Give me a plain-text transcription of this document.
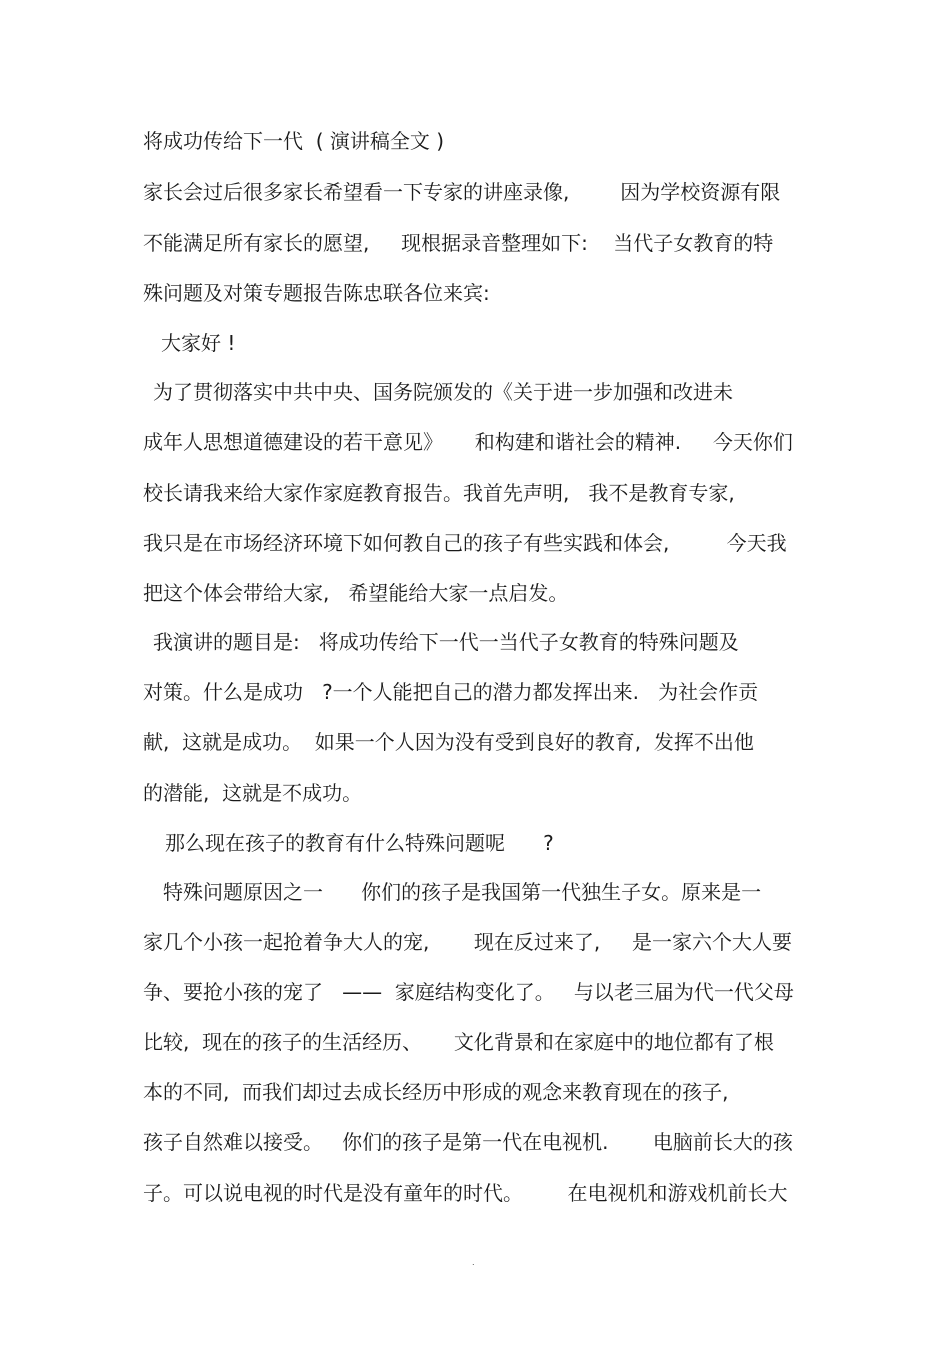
将成功传给下一代  ( 演讲稿全文 )
家长会过后很多家长希望看一下专家的讲座录像,        因为学校资源有限
不能满足所有家长的愿望,     现根据录音整理如下:    当代子女教育的特
殊问题及对策专题报告陈忠联各位来宾:
大家好 !
为了贯彻落实中共中央、国务院颁发的《关于进一步加强和改进未
成年人思想道德建设的若干意见》     和构建和谐社会的精神.     今天你们
校长请我来给大家作家庭教育报告。我首先声明,   我不是教育专家,
我只是在市场经济环境下如何教自己的孩子有些实践和体会,         今天我
把这个体会带给大家,   希望能给大家一点启发。
我演讲的题目是:   将成功传给下一代一当代子女教育的特殊问题及
对策。什么是成功   ?一个人能把自己的潜力都发挥出来.   为社会作贡
献,  这就是成功。  如果一个人因为没有受到良好的教育,  发挥不出他
的潜能,  这就是不成功。
那么现在孩子的教育有什么特殊问题呢      ?
特殊问题原因之一      你们的孩子是我国第一代独生子女。原来是一
家几个小孩一起抢着争大人的宠,       现在反过来了,     是一家六个大人要
争、要抢小孩的宠了   ——  家庭结构变化了。   与以老三届为代一代父母
比较,  现在的孩子的生活经历、     文化背景和在家庭中的地位都有了根
本的不同,  而我们却过去成长经历中形成的观念来教育现在的孩子,
孩子自然难以接受。   你们的孩子是第一代在电视机.       电脑前长大的孩
子。可以说电视的时代是没有童年的时代。       在电视机和游戏机前长大
.
